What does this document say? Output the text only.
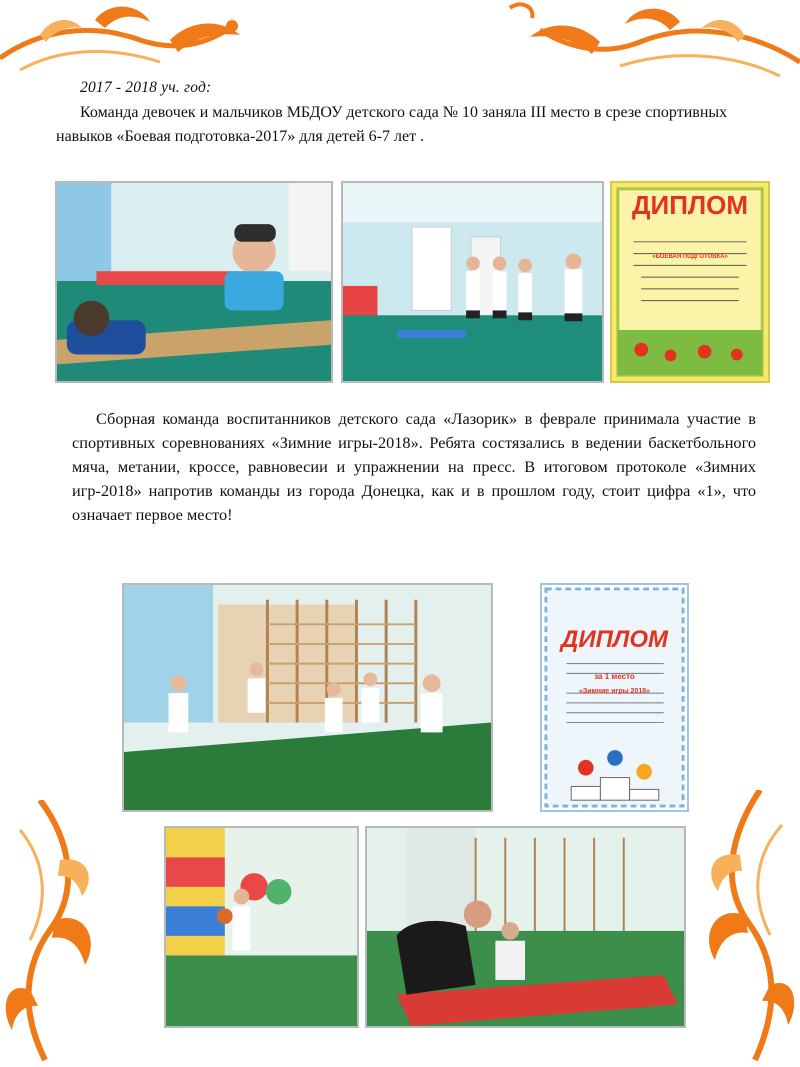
2017 - 2018 уч. год:
Команда девочек и мальчиков МБДОУ детского сада № 10 заняла III место в срезе спортивных навыков «Боевая подготовка-2017» для детей 6-7 лет .
ДИПЛОМ
«БОЕВАЯ ПОДГОТОВКА»
Сборная команда воспитанников детского сада «Лазорик» в феврале принимала участие в спортивных соревнованиях «Зимние игры-2018». Ребята состязались в ведении баскетбольного мяча, метании, кроссе, равновесии и упражнении на пресс. В итоговом протоколе «Зимних игр-2018» напротив команды из города Донецка, как и в прошлом году, стоит цифра «1», что означает первое место!
ДИПЛОМ
за 1 место
«Зимние игры 2018»
